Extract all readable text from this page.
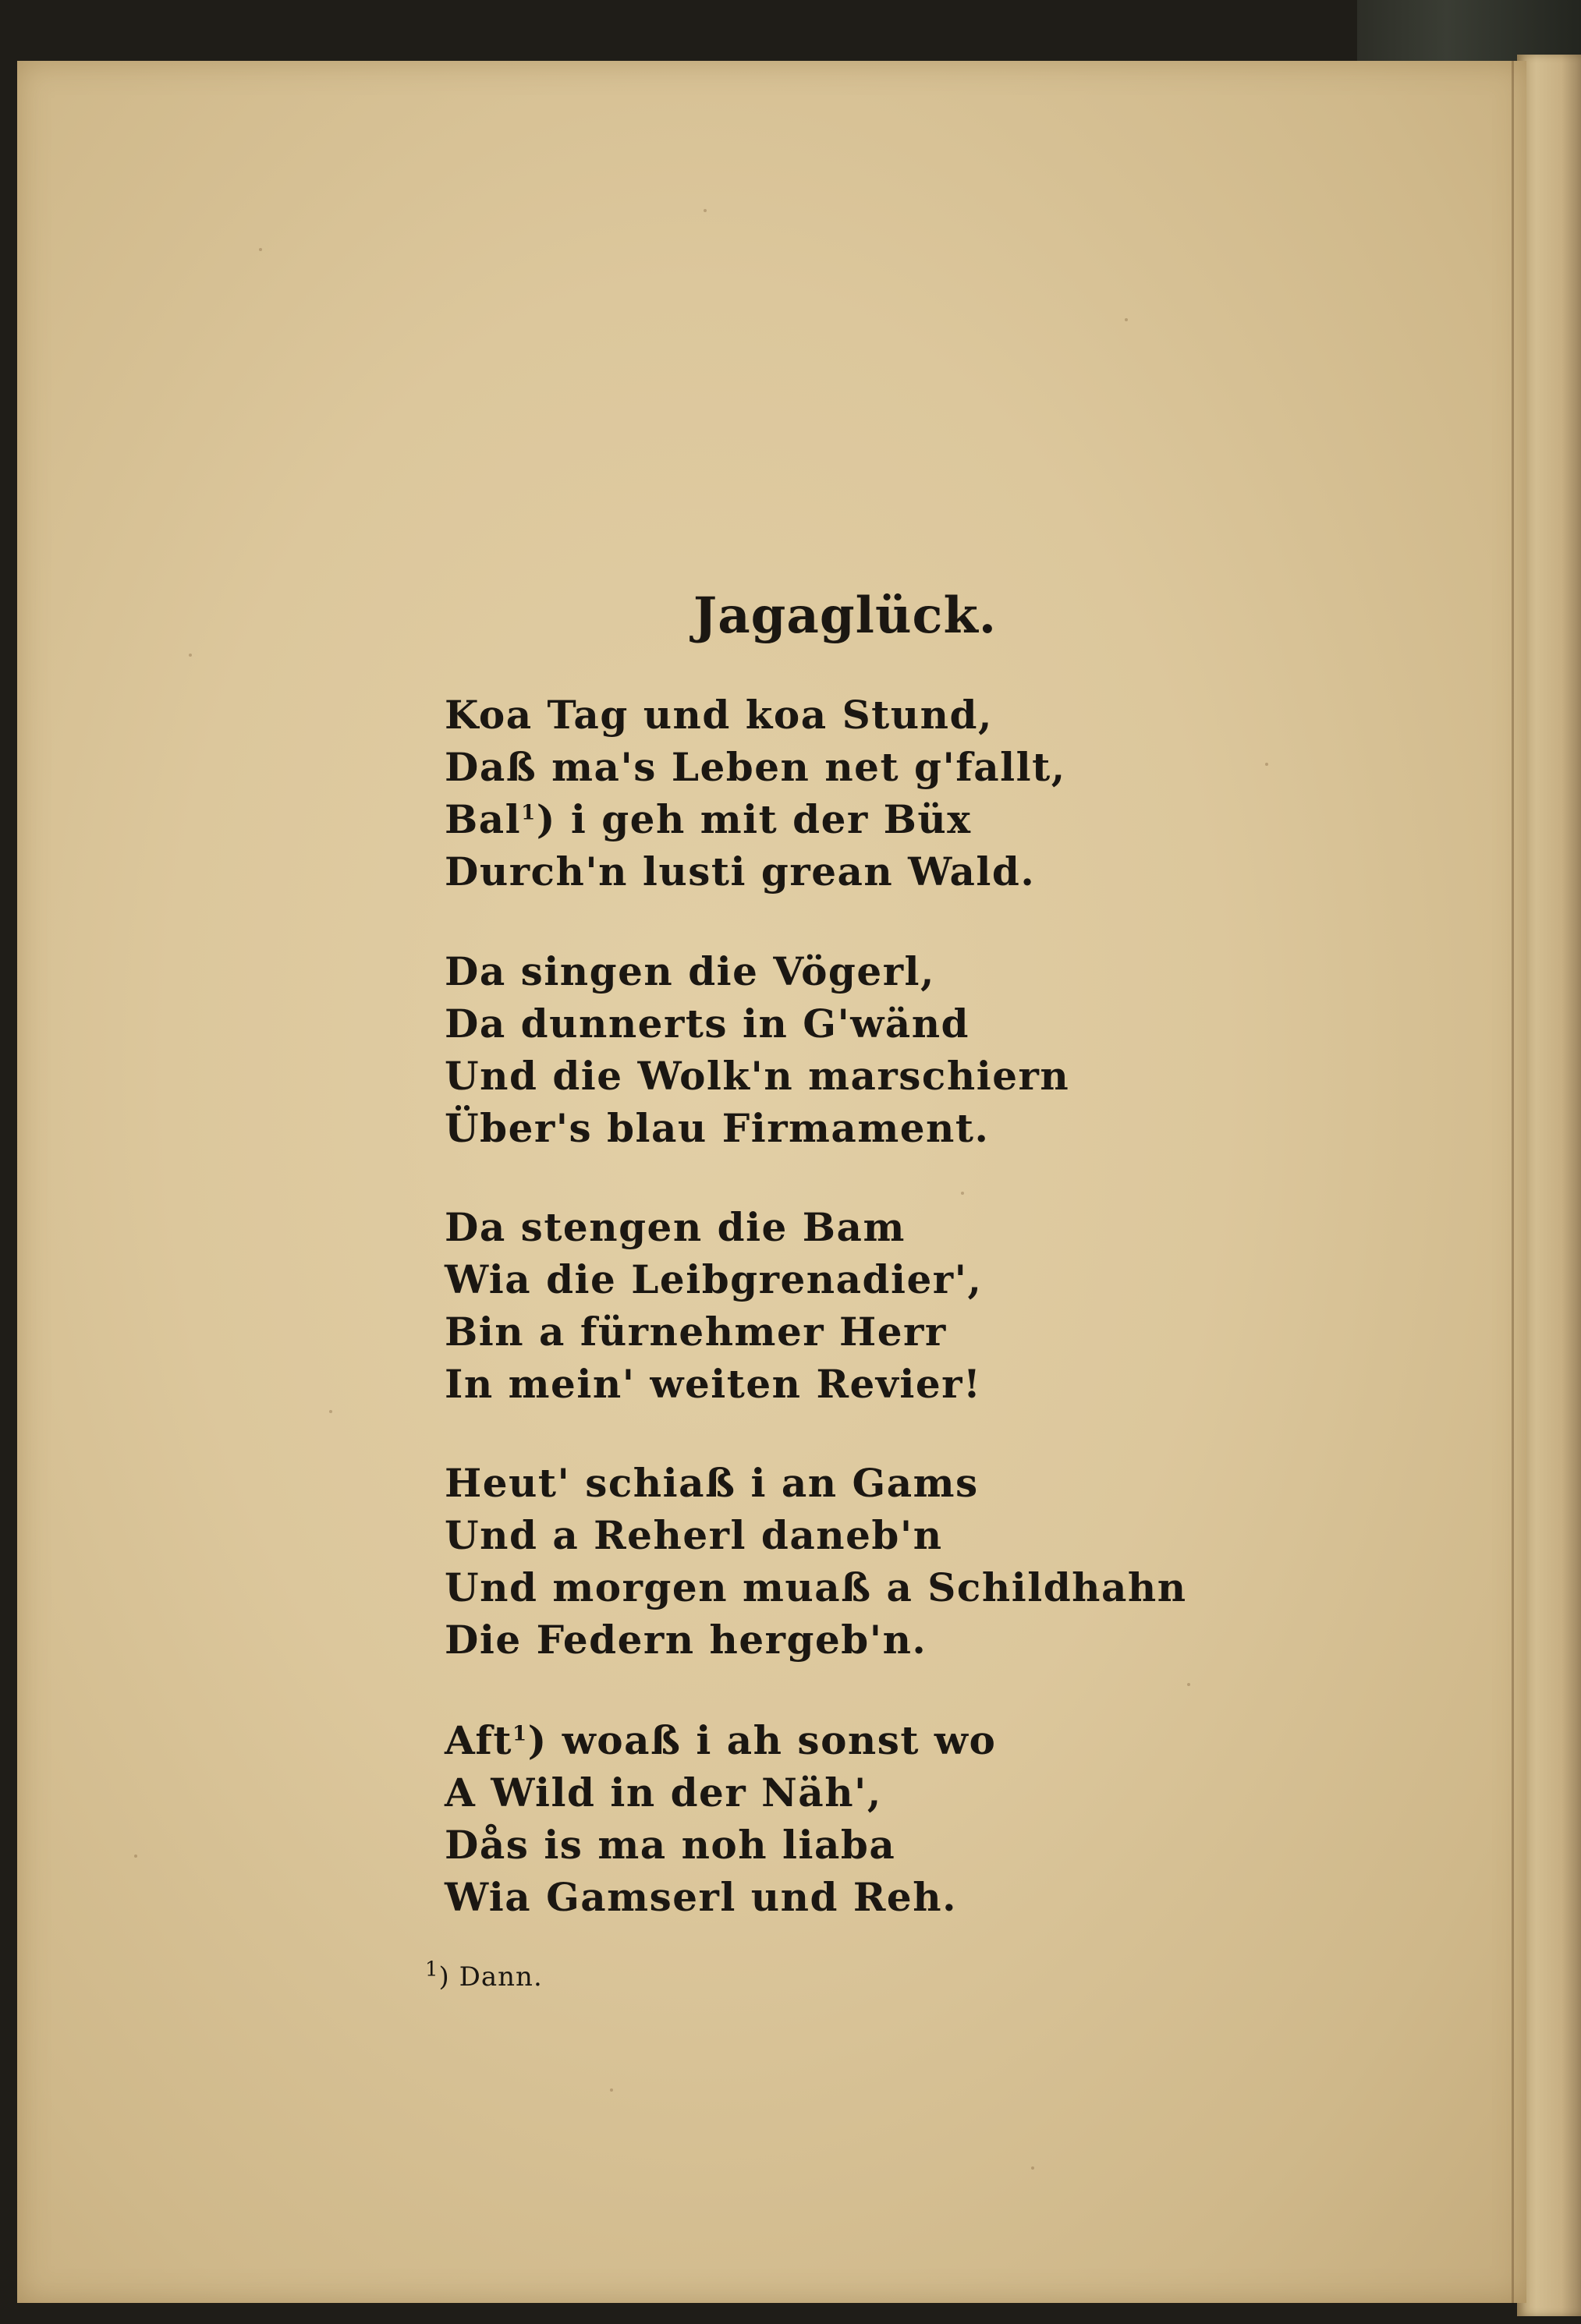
Jagaglück.
Koa Tag und koa Stund,
Daß ma's Leben net g'fallt,
Bal$^1$) i geh mit der Büx
Durch'n lusti grean Wald.
Da singen die Vögerl,
Da dunnerts in G'wänd
Und die Wolk'n marschiern
Über's blau Firmament.
Da stengen die Bam
Wia die Leibgrenadier',
Bin a fürnehmer Herr
In mein' weiten Revier!
Heut' schiaß i an Gams
Und a Reherl daneb'n
Und morgen muaß a Schildhahn
Die Federn hergeb'n.
Aft$^1$) woaß i ah sonst wo
A Wild in der Näh',
Dås is ma noh liaba
Wia Gamserl und Reh.
$^1$) Dann.
